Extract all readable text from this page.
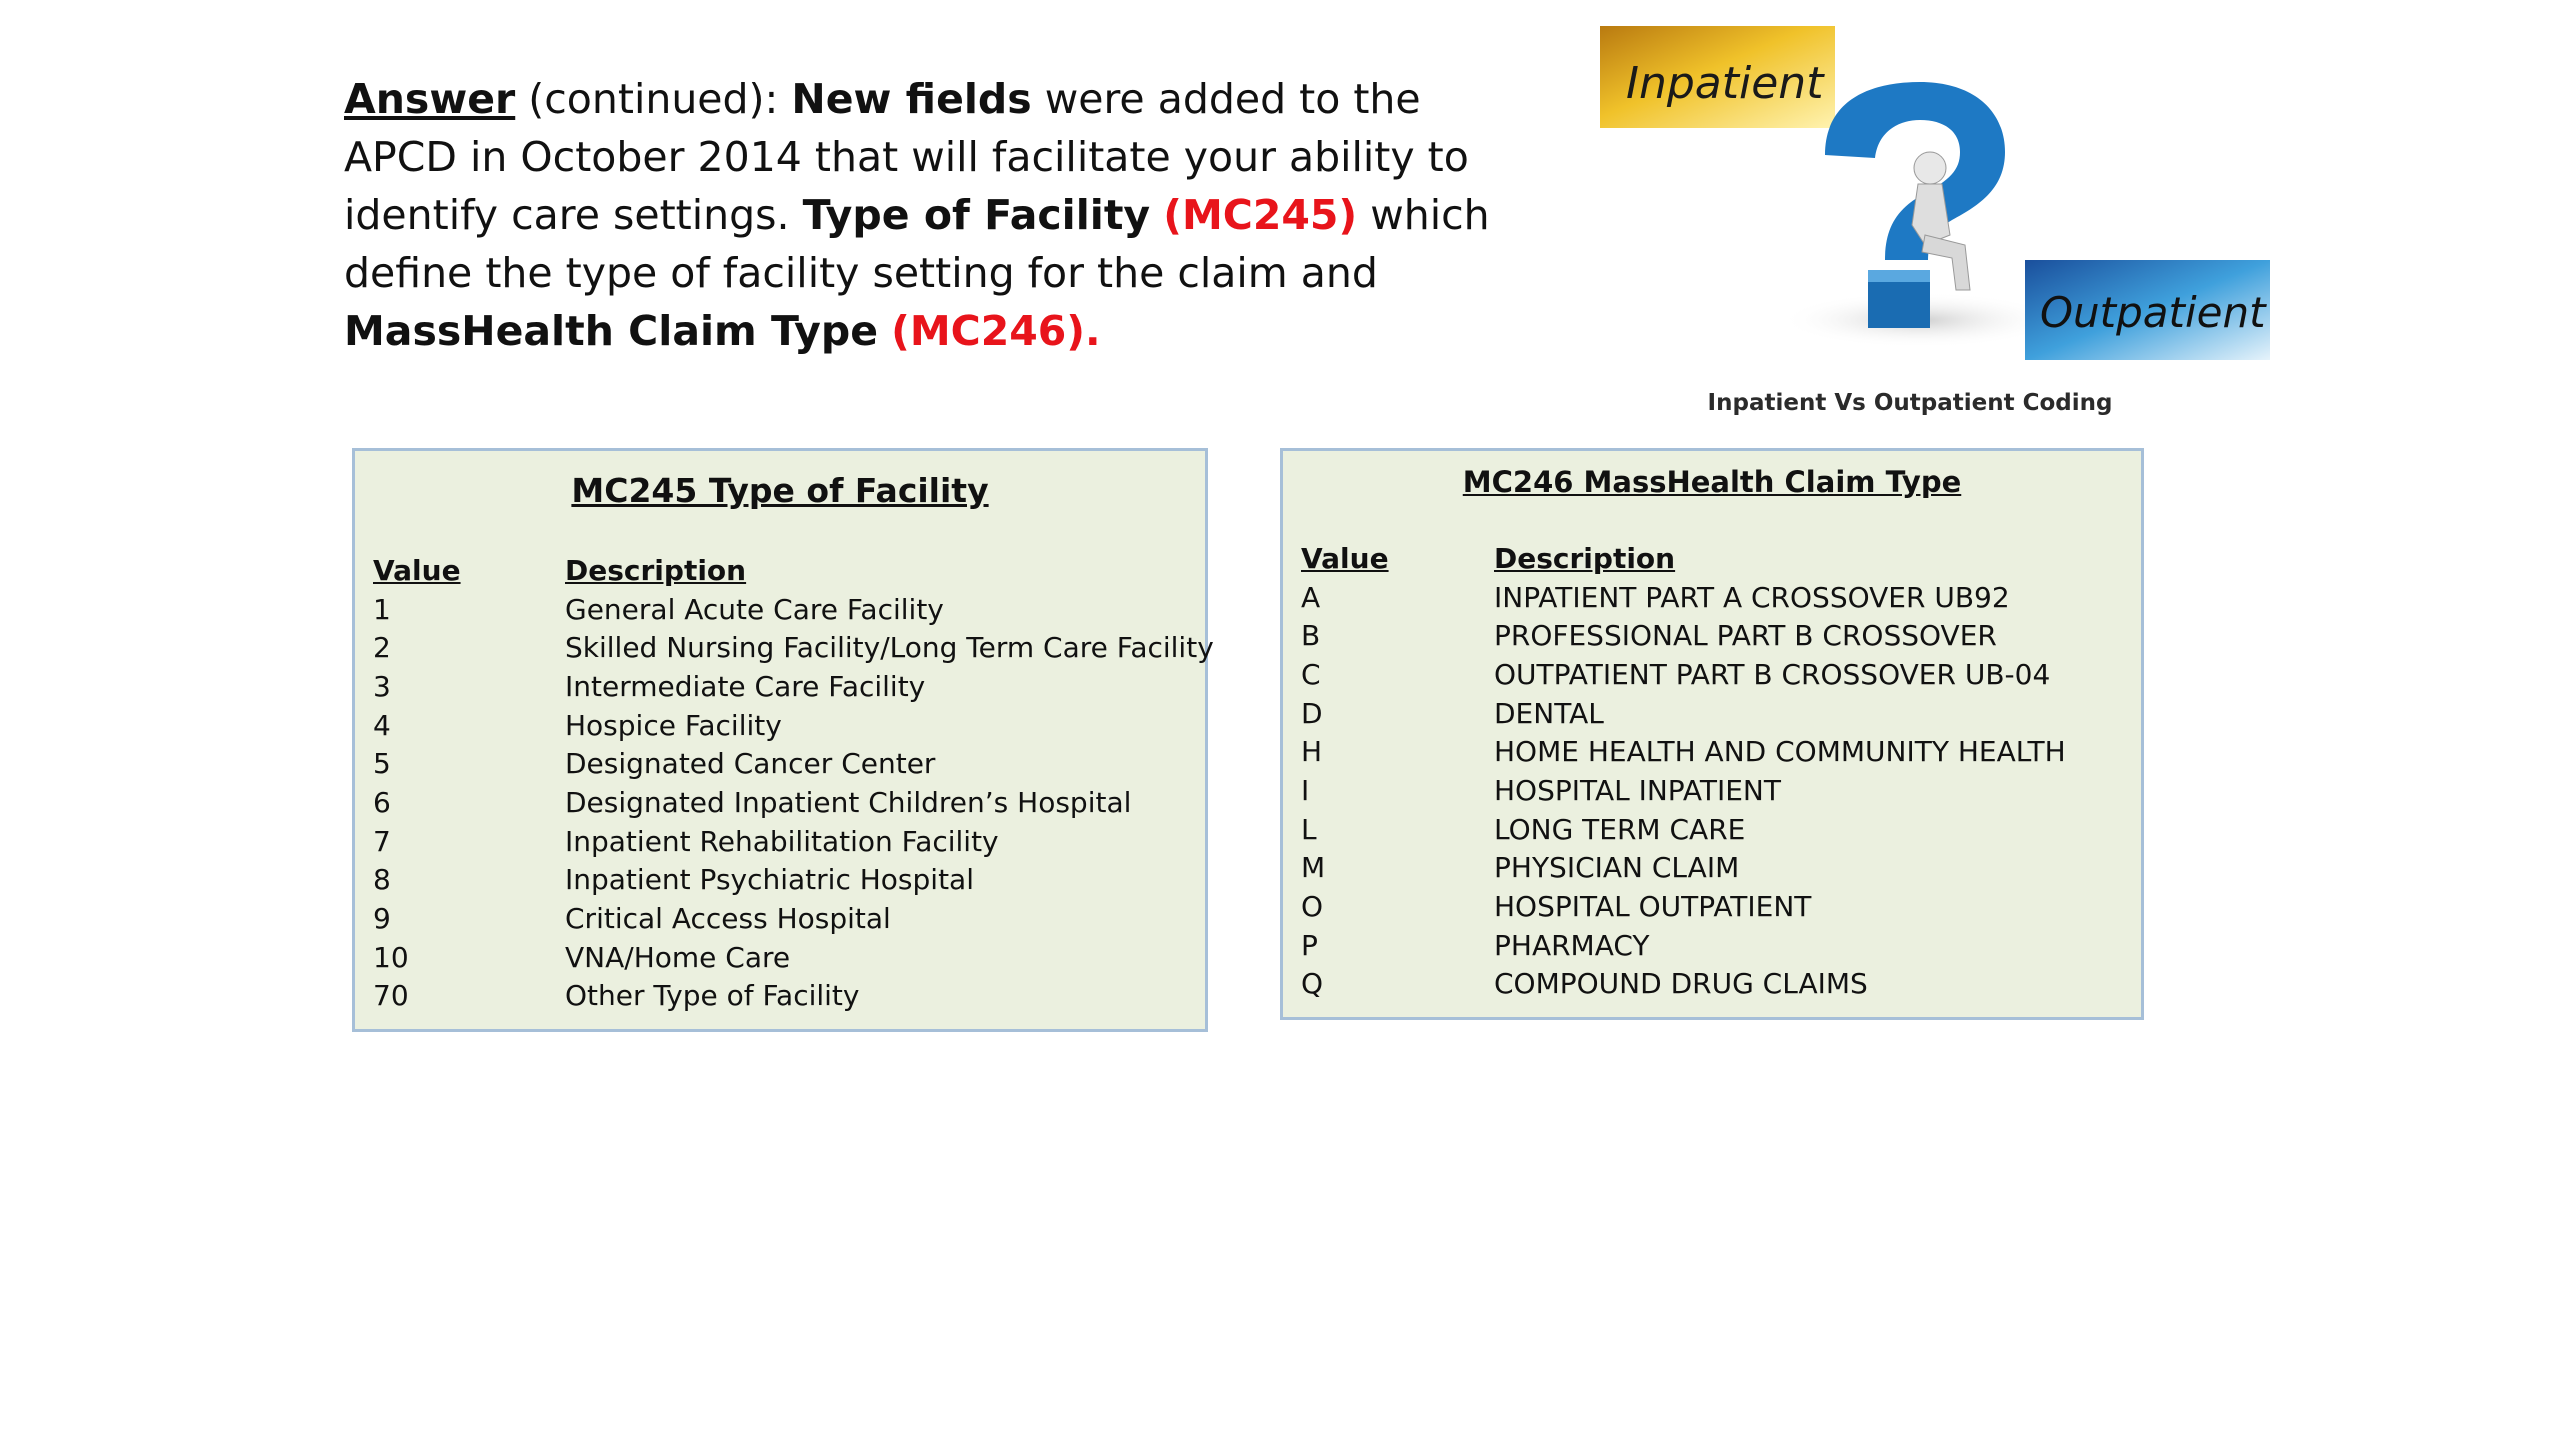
Answer (continued): New fields were added to the APCD in October 2014 that will facilitate your ability to identify care settings. Type of Facility (MC245) which define the type of facility setting for the claim and MassHealth Claim Type (MC246).
Inpatient
Outpatient
Inpatient Vs Outpatient Coding
MC245 Type of Facility
Value	Description
1	General Acute Care Facility
2	Skilled Nursing Facility/Long Term Care Facility
3	Intermediate Care Facility
4	Hospice Facility
5	Designated Cancer Center
6	Designated Inpatient Children’s Hospital
7	Inpatient Rehabilitation Facility
8	Inpatient Psychiatric Hospital
9	Critical Access Hospital
10	VNA/Home Care
70	Other Type of Facility
MC246 MassHealth Claim Type
Value	Description
A	INPATIENT PART A CROSSOVER UB92
B	PROFESSIONAL PART B CROSSOVER
C	OUTPATIENT PART B CROSSOVER UB-04
D	DENTAL
H	HOME HEALTH AND COMMUNITY HEALTH
I	HOSPITAL INPATIENT
L	LONG TERM CARE
M	PHYSICIAN CLAIM
O	HOSPITAL OUTPATIENT
P	PHARMACY
Q	COMPOUND DRUG CLAIMS
